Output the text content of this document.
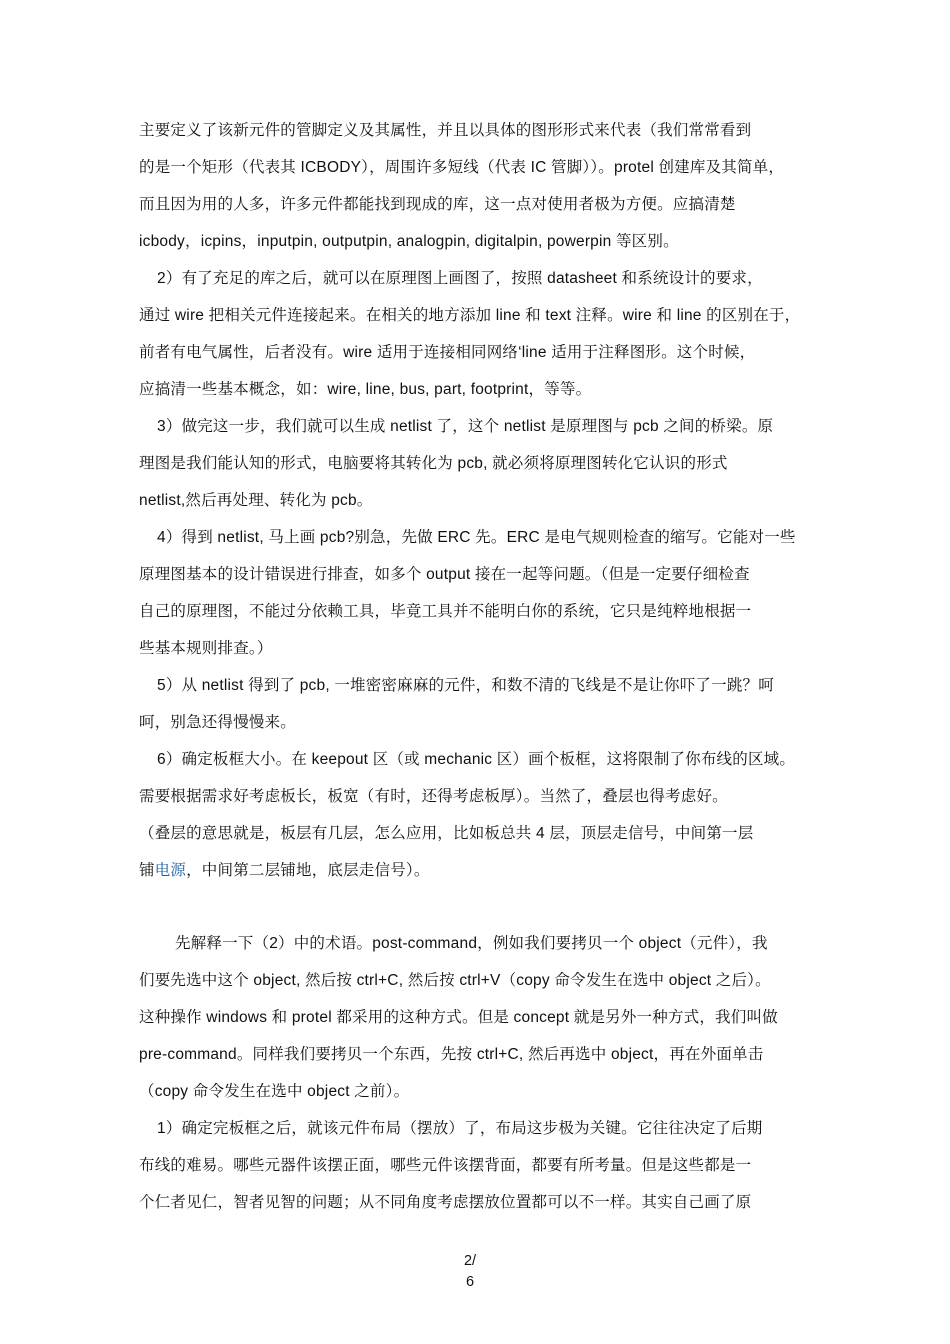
主要定义了该新元件的管脚定义及其属性，并且以具体的图形形式来代表（我们常常看到
的是一个矩形（代表其 ICBODY），周围许多短线（代表 IC 管脚））。protel 创建库及其简单，
而且因为用的人多，许多元件都能找到现成的库，这一点对使用者极为方便。应搞清楚
icbody，icpins，inputpin, outputpin, analogpin, digitalpin, powerpin 等区别。
2）有了充足的库之后，就可以在原理图上画图了，按照 datasheet 和系统设计的要求，
通过 wire 把相关元件连接起来。在相关的地方添加 line 和 text 注释。wire 和 line 的区别在于，
前者有电气属性，后者没有。wire 适用于连接相同网络‘line 适用于注释图形。这个时候，
应搞清一些基本概念，如：wire, line, bus, part, footprint，等等。
3）做完这一步，我们就可以生成 netlist 了，这个 netlist 是原理图与 pcb 之间的桥梁。原
理图是我们能认知的形式，电脑要将其转化为 pcb, 就必须将原理图转化它认识的形式
netlist,然后再处理、转化为 pcb。
4）得到 netlist, 马上画 pcb?别急，先做 ERC 先。ERC 是电气规则检查的缩写。它能对一些
原理图基本的设计错误进行排查，如多个 output 接在一起等问题。（但是一定要仔细检查
自己的原理图，不能过分依赖工具，毕竟工具并不能明白你的系统，它只是纯粹地根据一
些基本规则排查。）
5）从 netlist 得到了 pcb, 一堆密密麻麻的元件，和数不清的飞线是不是让你吓了一跳？呵
呵，别急还得慢慢来。
6）确定板框大小。在 keepout 区（或 mechanic 区）画个板框，这将限制了你布线的区域。
需要根据需求好考虑板长，板宽（有时，还得考虑板厚）。当然了，叠层也得考虑好。
（叠层的意思就是，板层有几层，怎么应用，比如板总共 4 层，顶层走信号，中间第一层
铺电源，中间第二层铺地，底层走信号）。
先解释一下（2）中的术语。post-command，例如我们要拷贝一个 object（元件），我
们要先选中这个 object, 然后按 ctrl+C, 然后按 ctrl+V（copy 命令发生在选中 object 之后）。
这种操作 windows 和 protel 都采用的这种方式。但是 concept 就是另外一种方式，我们叫做
pre-command。同样我们要拷贝一个东西，先按 ctrl+C, 然后再选中 object，再在外面单击
（copy 命令发生在选中 object 之前）。
1）确定完板框之后，就该元件布局（摆放）了，布局这步极为关键。它往往决定了后期
布线的难易。哪些元器件该摆正面，哪些元件该摆背面，都要有所考量。但是这些都是一
个仁者见仁，智者见智的问题；从不同角度考虑摆放位置都可以不一样。其实自己画了原
2/
6
